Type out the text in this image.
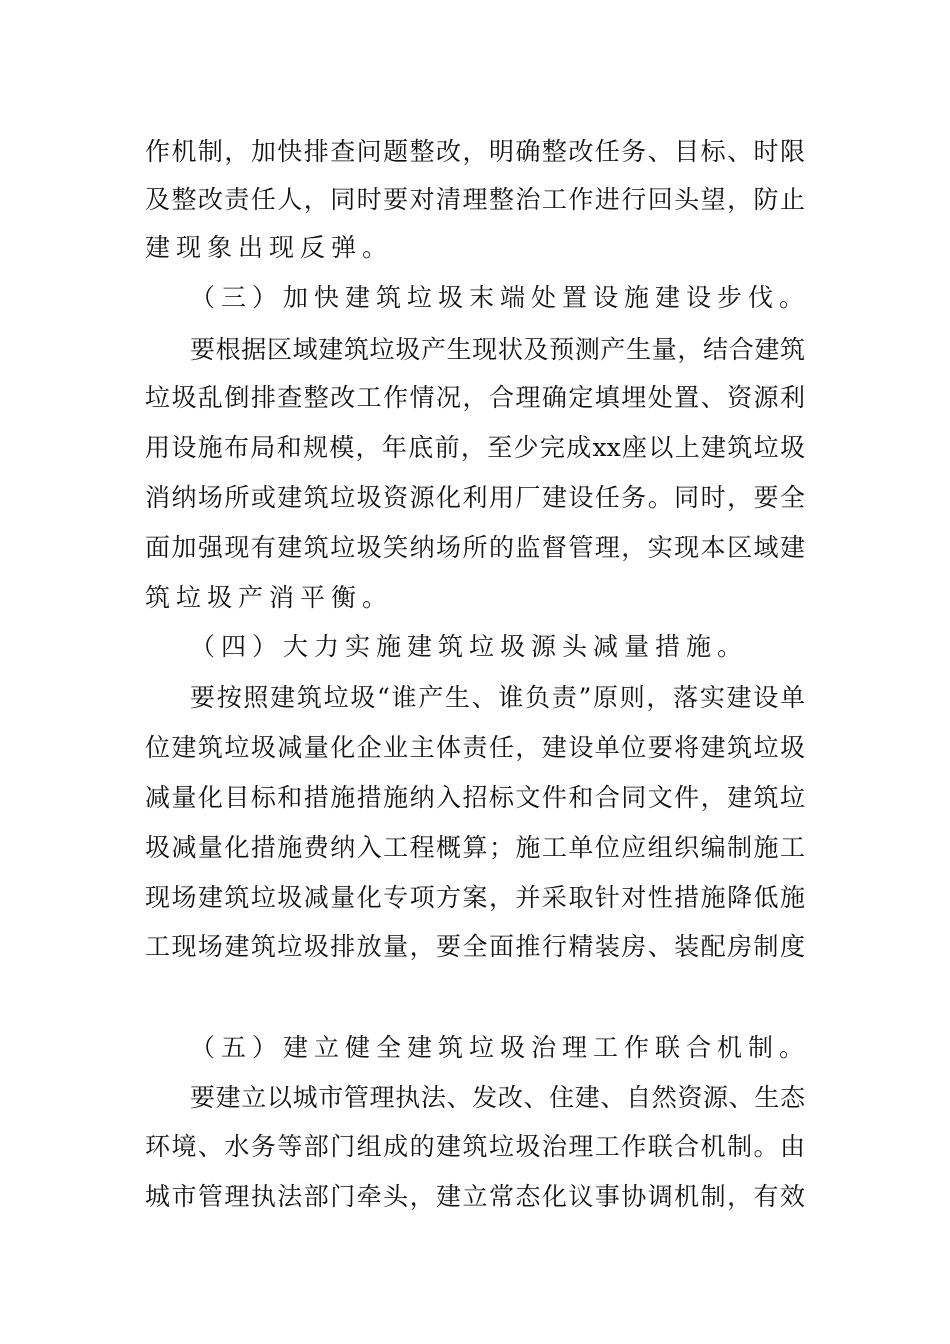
作机制，加快排查问题整改，明确整改任务、目标、时限
及整改责任人，同时要对清理整治工作进行回头望，防止
建现象出现反弹。
（三）加快建筑垃圾末端处置设施建设步伐。
要根据区域建筑垃圾产生现状及预测产生量，结合建筑
垃圾乱倒排查整改工作情况，合理确定填埋处置、资源利
用设施布局和规模，年底前，至少完成xx座以上建筑垃圾
消纳场所或建筑垃圾资源化利用厂建设任务。同时，要全
面加强现有建筑垃圾笑纳场所的监督管理，实现本区域建
筑垃圾产消平衡。
（四）大力实施建筑垃圾源头减量措施。
要按照建筑垃圾“谁产生、谁负责”原则，落实建设单
位建筑垃圾减量化企业主体责任，建设单位要将建筑垃圾
减量化目标和措施措施纳入招标文件和合同文件，建筑垃
圾减量化措施费纳入工程概算；施工单位应组织编制施工
现场建筑垃圾减量化专项方案，并采取针对性措施降低施
工现场建筑垃圾排放量，要全面推行精装房、装配房制度
（五）建立健全建筑垃圾治理工作联合机制。
要建立以城市管理执法、发改、住建、自然资源、生态
环境、水务等部门组成的建筑垃圾治理工作联合机制。由
城市管理执法部门牵头，建立常态化议事协调机制，有效
